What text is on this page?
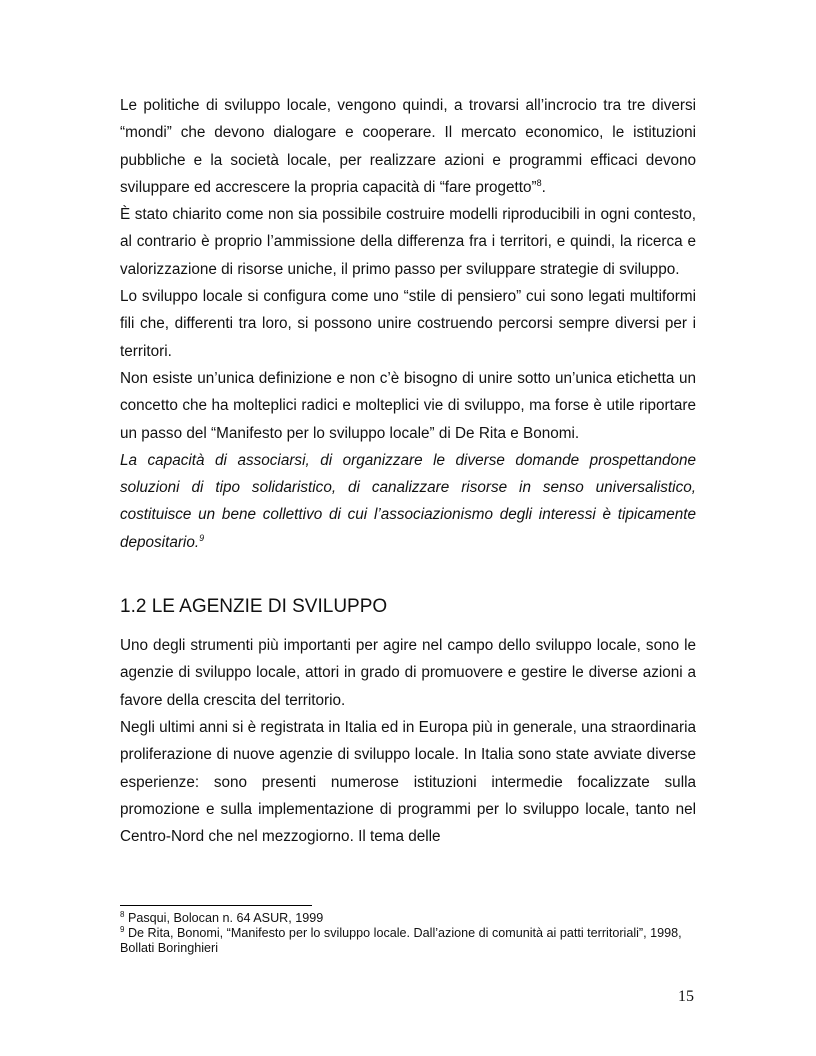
Le politiche di sviluppo locale, vengono quindi, a trovarsi all’incrocio tra tre diversi “mondi” che devono dialogare e cooperare. Il mercato economico, le istituzioni pubbliche e la società locale, per realizzare azioni e programmi efficaci devono sviluppare ed accrescere la propria capacità di “fare progetto”$^8$.

È stato chiarito come non sia possibile costruire modelli riproducibili in ogni contesto, al contrario è proprio l’ammissione della differenza fra i territori, e quindi, la ricerca e valorizzazione di risorse uniche, il primo passo per sviluppare strategie di sviluppo.

Lo sviluppo locale si configura come uno “stile di pensiero” cui sono legati multiformi fili che, differenti tra loro, si possono unire costruendo percorsi sempre diversi per i territori.

Non esiste un’unica definizione e non c’è bisogno di unire sotto un’unica etichetta un concetto che ha molteplici radici e molteplici vie di sviluppo, ma forse è utile riportare un passo del “Manifesto per lo sviluppo locale” di De Rita e Bonomi.

La capacità di associarsi, di organizzare le diverse domande prospettandone soluzioni di tipo solidaristico, di canalizzare risorse in senso universalistico, costituisce un bene collettivo di cui l’associazionismo degli interessi è tipicamente depositario.$^9$

1.2 LE AGENZIE DI SVILUPPO

Uno degli strumenti più importanti per agire nel campo dello sviluppo locale, sono le agenzie di sviluppo locale, attori in grado di promuovere e gestire le diverse azioni a favore della crescita del territorio.

Negli ultimi anni si è registrata in Italia ed in Europa più in generale, una straordinaria proliferazione di nuove agenzie di sviluppo locale. In Italia sono state avviate diverse esperienze: sono presenti numerose istituzioni intermedie focalizzate sulla promozione e sulla implementazione di programmi per lo sviluppo locale, tanto nel Centro-Nord che nel mezzogiorno. Il tema delle

$^8$ Pasqui, Bolocan n. 64 ASUR, 1999

$^9$ De Rita, Bonomi, “Manifesto per lo sviluppo locale. Dall’azione di comunità ai patti territoriali”, 1998, Bollati Boringhieri

15
